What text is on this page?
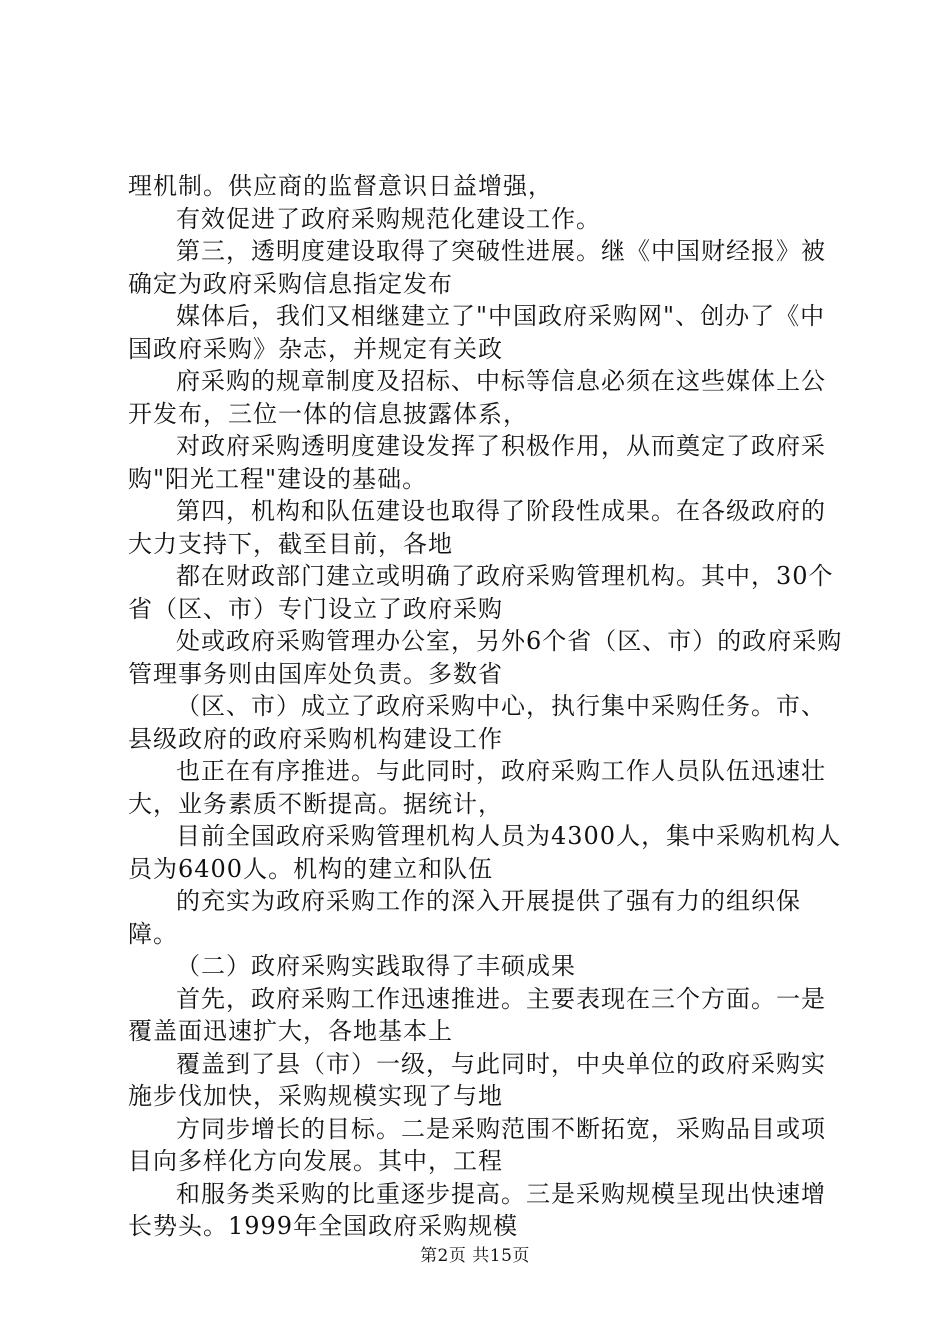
理机制。供应商的监督意识日益增强，

有效促进了政府采购规范化建设工作。

第三，透明度建设取得了突破性进展。继《中国财经报》被确定为政府采购信息指定发布

媒体后，我们又相继建立了"中国政府采购网"、创办了《中国政府采购》杂志，并规定有关政

府采购的规章制度及招标、中标等信息必须在这些媒体上公开发布，三位一体的信息披露体系，

对政府采购透明度建设发挥了积极作用，从而奠定了政府采购"阳光工程"建设的基础。

第四，机构和队伍建设也取得了阶段性成果。在各级政府的大力支持下，截至目前，各地

都在财政部门建立或明确了政府采购管理机构。其中，30个省（区、市）专门设立了政府采购

处或政府采购管理办公室，另外6个省（区、市）的政府采购管理事务则由国库处负责。多数省

（区、市）成立了政府采购中心，执行集中采购任务。市、县级政府的政府采购机构建设工作

也正在有序推进。与此同时，政府采购工作人员队伍迅速壮大，业务素质不断提高。据统计，

目前全国政府采购管理机构人员为4300人，集中采购机构人员为6400人。机构的建立和队伍

的充实为政府采购工作的深入开展提供了强有力的组织保障。

（二）政府采购实践取得了丰硕成果

首先，政府采购工作迅速推进。主要表现在三个方面。一是覆盖面迅速扩大，各地基本上

覆盖到了县（市）一级，与此同时，中央单位的政府采购实施步伐加快，采购规模实现了与地

方同步增长的目标。二是采购范围不断拓宽，采购品目或项目向多样化方向发展。其中，工程

和服务类采购的比重逐步提高。三是采购规模呈现出快速增长势头。1999年全国政府采购规模

第2页 共15页
